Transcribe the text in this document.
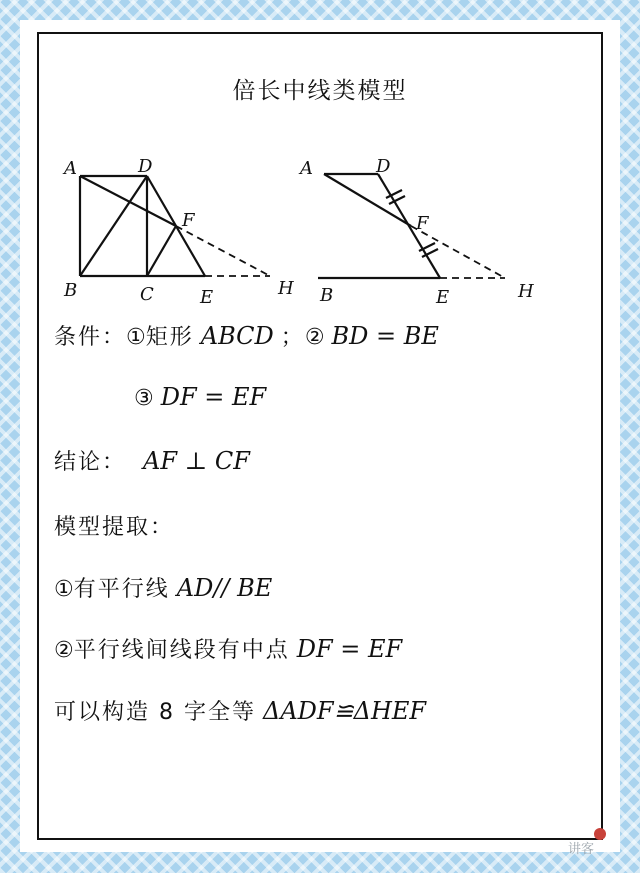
倍长中线类模型
A	D
F
B	C	E	H
A	D
F
B	E	H
条件：①矩形 ABCD ；② BD = BE
③ DF = EF
结论： AF ⊥ CF
模型提取：
①有平行线 AD// BE
②平行线间线段有中点 DF = EF
可以构造 8 字全等 ΔADF≌ΔHEF
讲客
